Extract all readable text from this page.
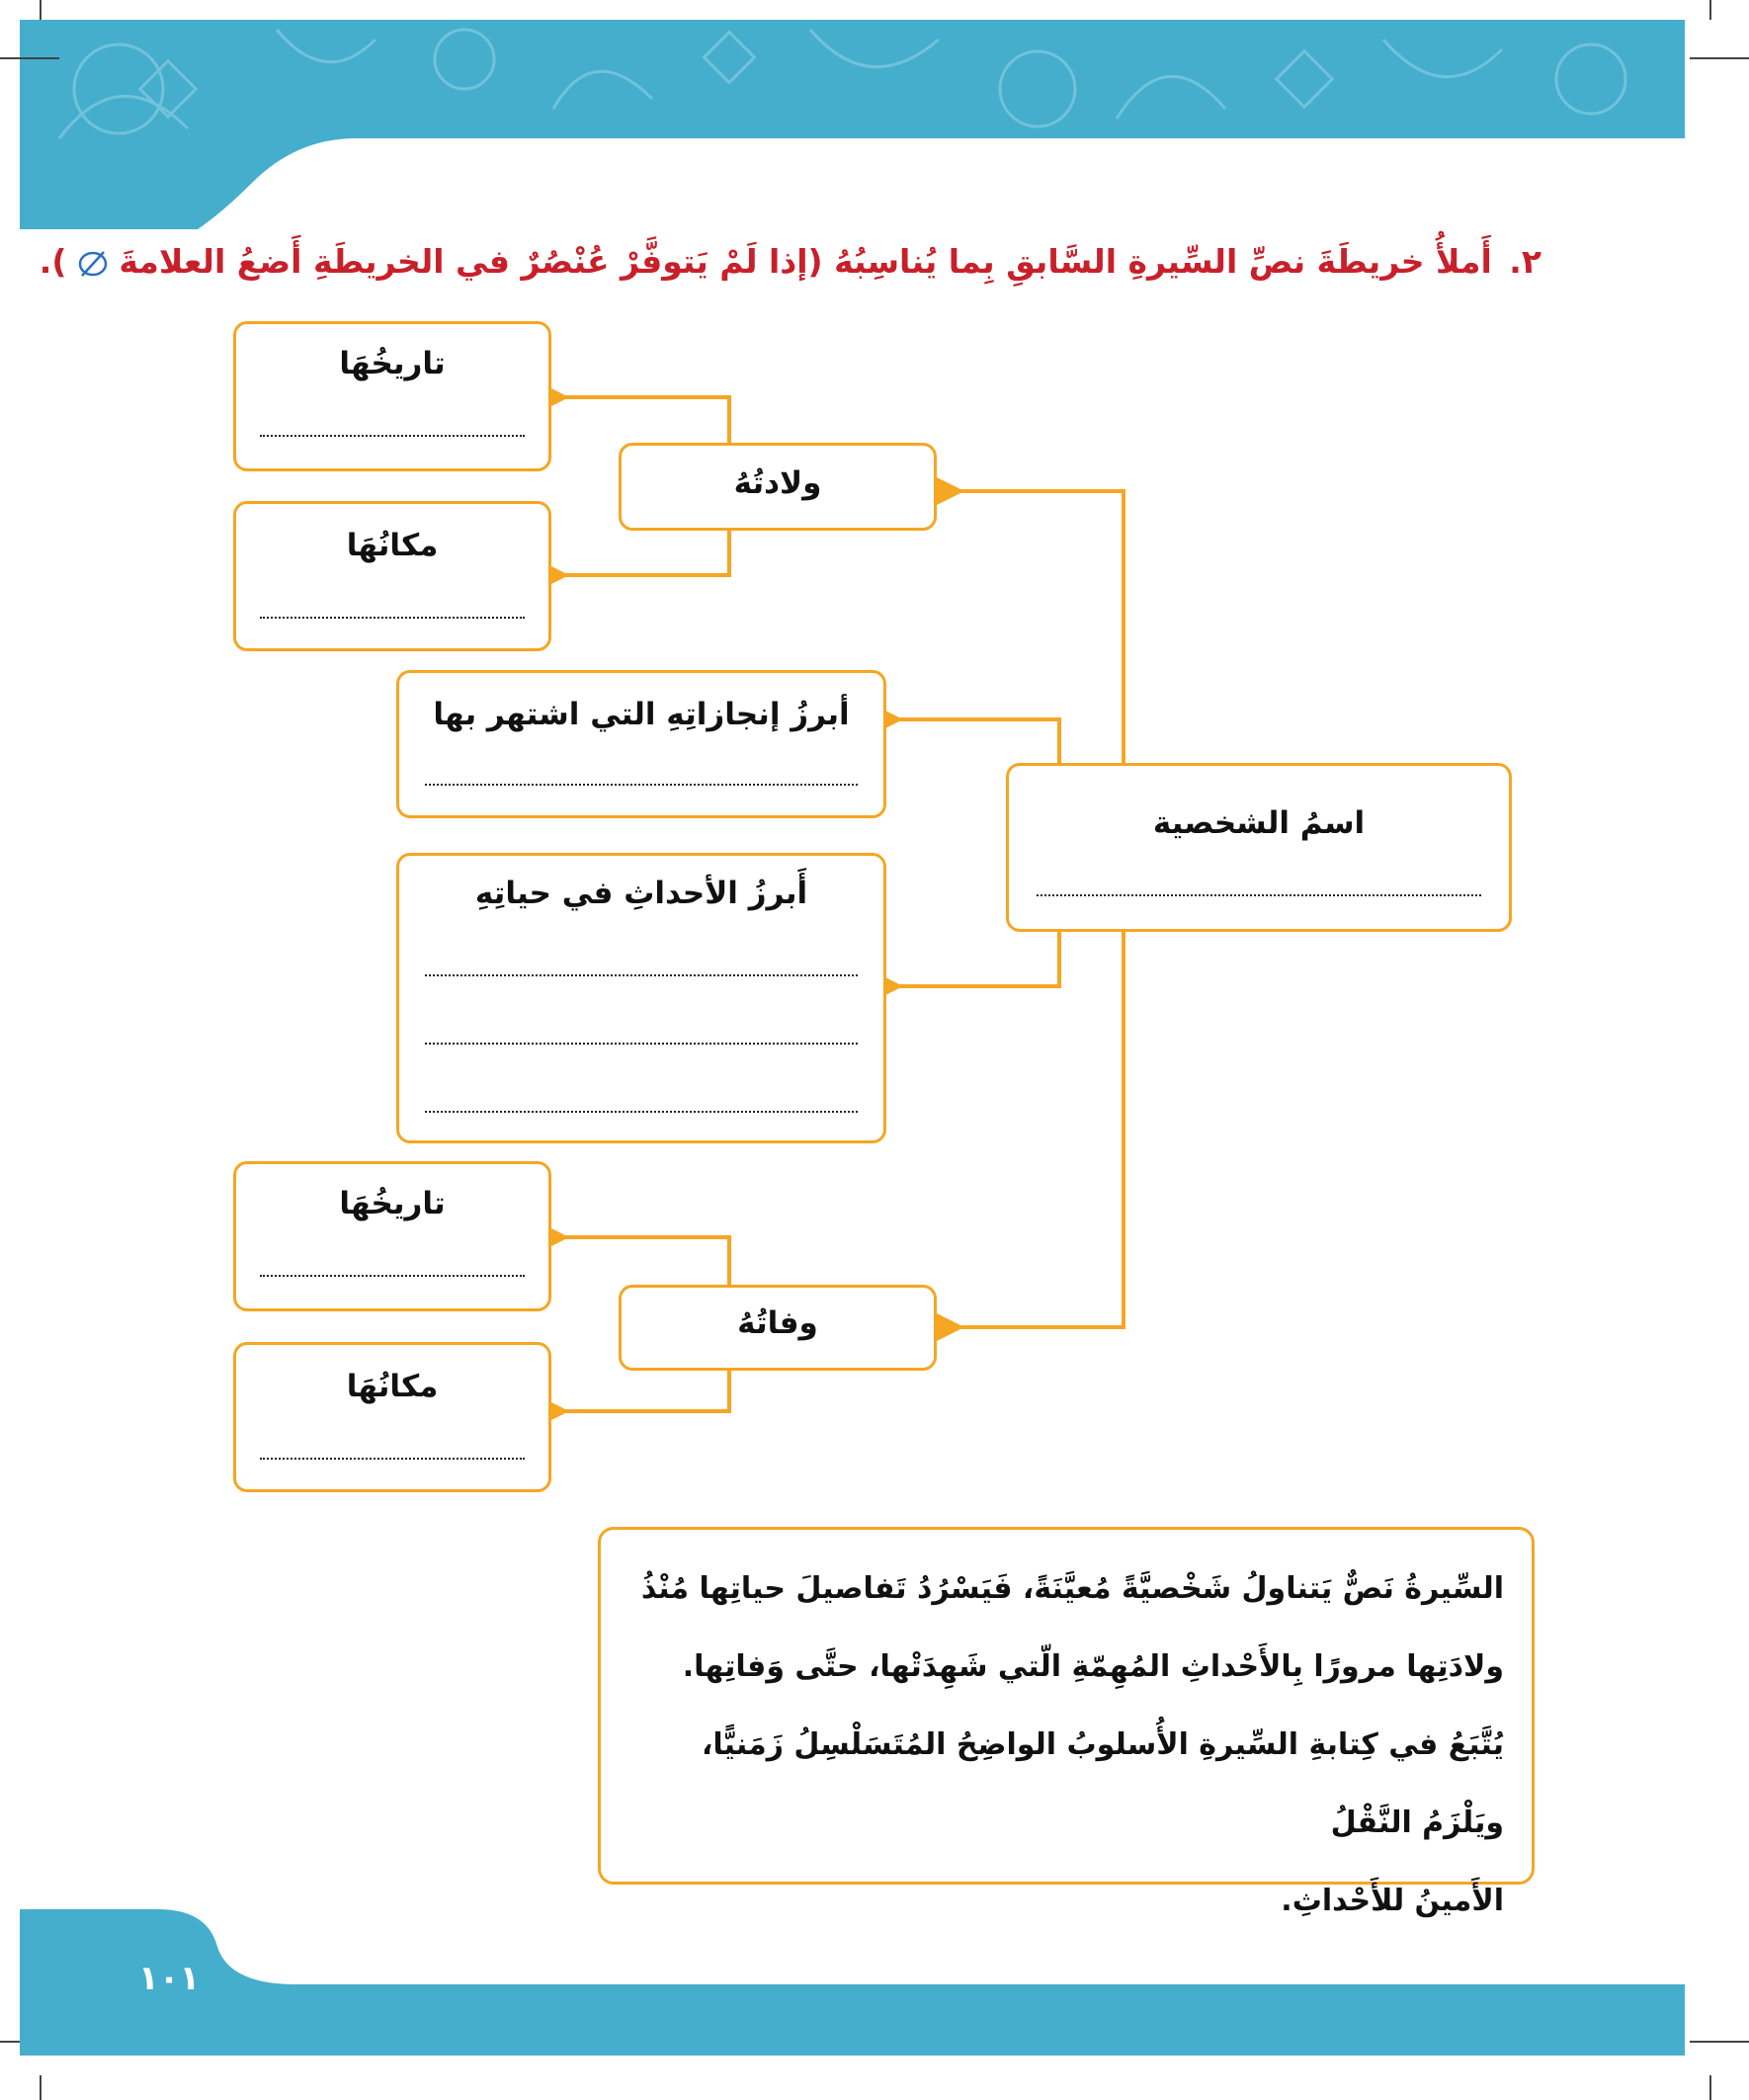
٢. أَملأُ خريطَةَ نصِّ السِّيرةِ السَّابقِ بِما يُناسِبُهُ (إذا لَمْ يَتوفَّرْ عُنْصُرٌ في الخريطَةِ أَضعُ العلامةَ  ).
تاريخُهَا
ولادتُهُ
مكانُهَا
أبرزُ إنجازاتِهِ التي اشتهر بها
اسمُ الشخصية
أَبرزُ الأحداثِ في حياتِهِ
تاريخُهَا
وفاتُهُ
مكانُهَا

السِّيرةُ نَصٌّ يَتناولُ شَخْصيَّةً مُعيَّنَةً، فَيَسْرُدُ تَفاصيلَ حياتِها مُنْذُ

ولادَتِها مرورًا بِالأَحْداثِ المُهِمّةِ الّتي شَهِدَتْها، حتَّى وَفاتِها.

يُتَّبَعُ في كِتابةِ السِّيرةِ الأُسلوبُ الواضِحُ المُتَسَلْسِلُ زَمَنيًّا، ويَلْزَمُ النَّقْلُ

الأَمينُ للأَحْداثِ.

١٠١
